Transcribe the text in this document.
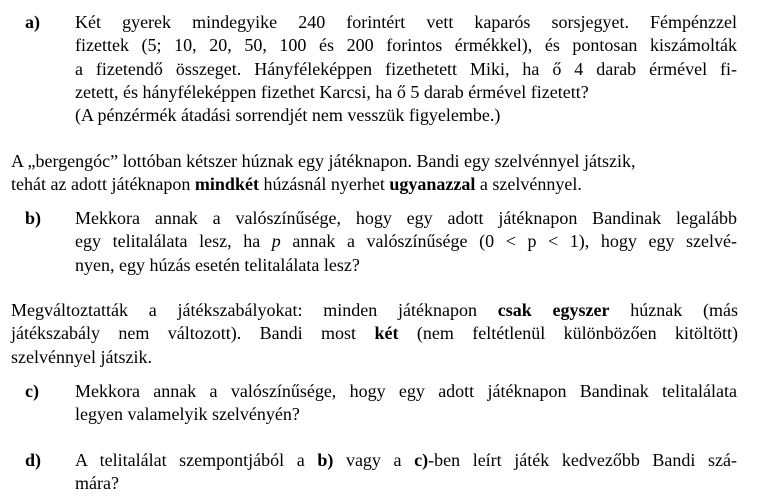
a)	Két gyerek mindegyike 240 forintért vett kaparós sorsjegyet. Fémpénzzel
fizettek (5; 10, 20, 50, 100 és 200 forintos érmékkel), és pontosan kiszámolták
a fizetendő összeget. Hányféleképpen fizethetett Miki, ha ő 4 darab érmével fi-
zetett, és hányféleképpen fizethet Karcsi, ha ő 5 darab érmével fizetett?
(A pénzérmék átadási sorrendjét nem vesszük figyelembe.)
A „bergengóc” lottóban kétszer húznak egy játéknapon. Bandi egy szelvénnyel játszik,
tehát az adott játéknapon mindkét húzásnál nyerhet ugyanazzal a szelvénnyel.
b)	Mekkora annak a valószínűsége, hogy egy adott játéknapon Bandinak legalább
egy telitalálata lesz, ha p annak a valószínűsége (0 < p < 1), hogy egy szelvé-
nyen, egy húzás esetén telitalálata lesz?
Megváltoztatták a játékszabályokat: minden játéknapon csak egyszer húznak (más
játékszabály nem változott). Bandi most két (nem feltétlenül különbözően kitöltött)
szelvénnyel játszik.
c)	Mekkora annak a valószínűsége, hogy egy adott játéknapon Bandinak telitalálata
legyen valamelyik szelvényén?
d)	A telitalálat szempontjából a b) vagy a c)-ben leírt játék kedvezőbb Bandi szá-
mára?
